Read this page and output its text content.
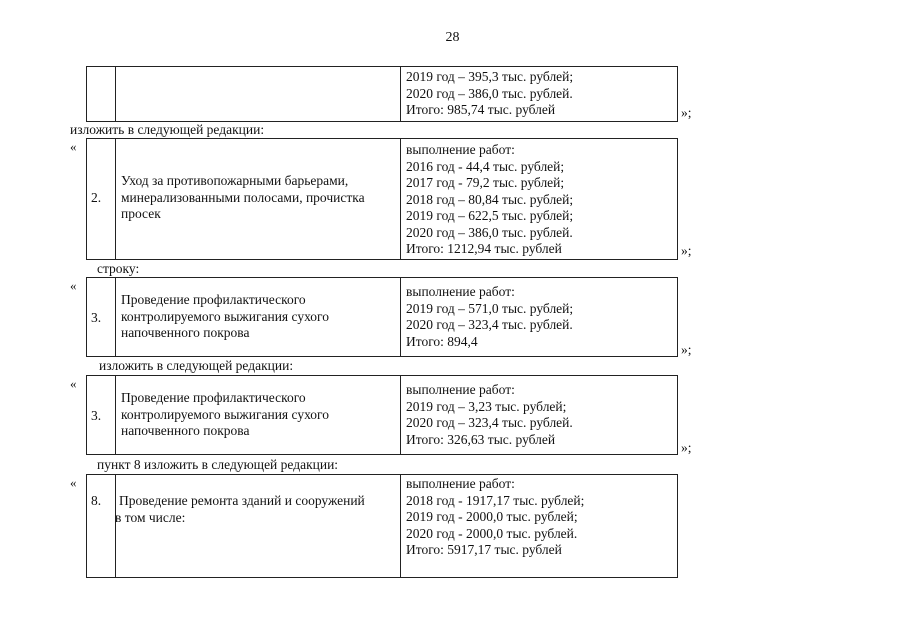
28
2019 год – 395,3 тыс. рублей;
2020 год – 386,0 тыс. рублей.
Итого: 985,74 тыс. рублей	»;
изложить в следующей редакции:
«
2.
Уход за противопожарными барьерами,
минерализованными полосами, прочистка
просек
выполнение работ:
2016 год - 44,4 тыс. рублей;
2017 год - 79,2 тыс. рублей;
2018 год – 80,84 тыс. рублей;
2019 год – 622,5 тыс. рублей;
2020 год – 386,0 тыс. рублей.
Итого: 1212,94 тыс. рублей	»;
строку:
«
3.
Проведение профилактического
контролируемого выжигания сухого
напочвенного покрова
выполнение работ:
2019 год – 571,0 тыс. рублей;
2020 год – 323,4 тыс. рублей.
Итого: 894,4
»;
изложить в следующей редакции:
«
3.
Проведение профилактического
контролируемого выжигания сухого
напочвенного покрова
выполнение работ:
2019 год – 3,23 тыс. рублей;
2020 год – 323,4 тыс. рублей.
Итого: 326,63 тыс. рублей
»;
пункт 8 изложить в следующей редакции:
«
8. Проведение ремонта зданий и сооружений
в том числе:
выполнение работ:
2018 год - 1917,17 тыс. рублей;
2019 год - 2000,0 тыс. рублей;
2020 год - 2000,0 тыс. рублей.
Итого: 5917,17 тыс. рублей
